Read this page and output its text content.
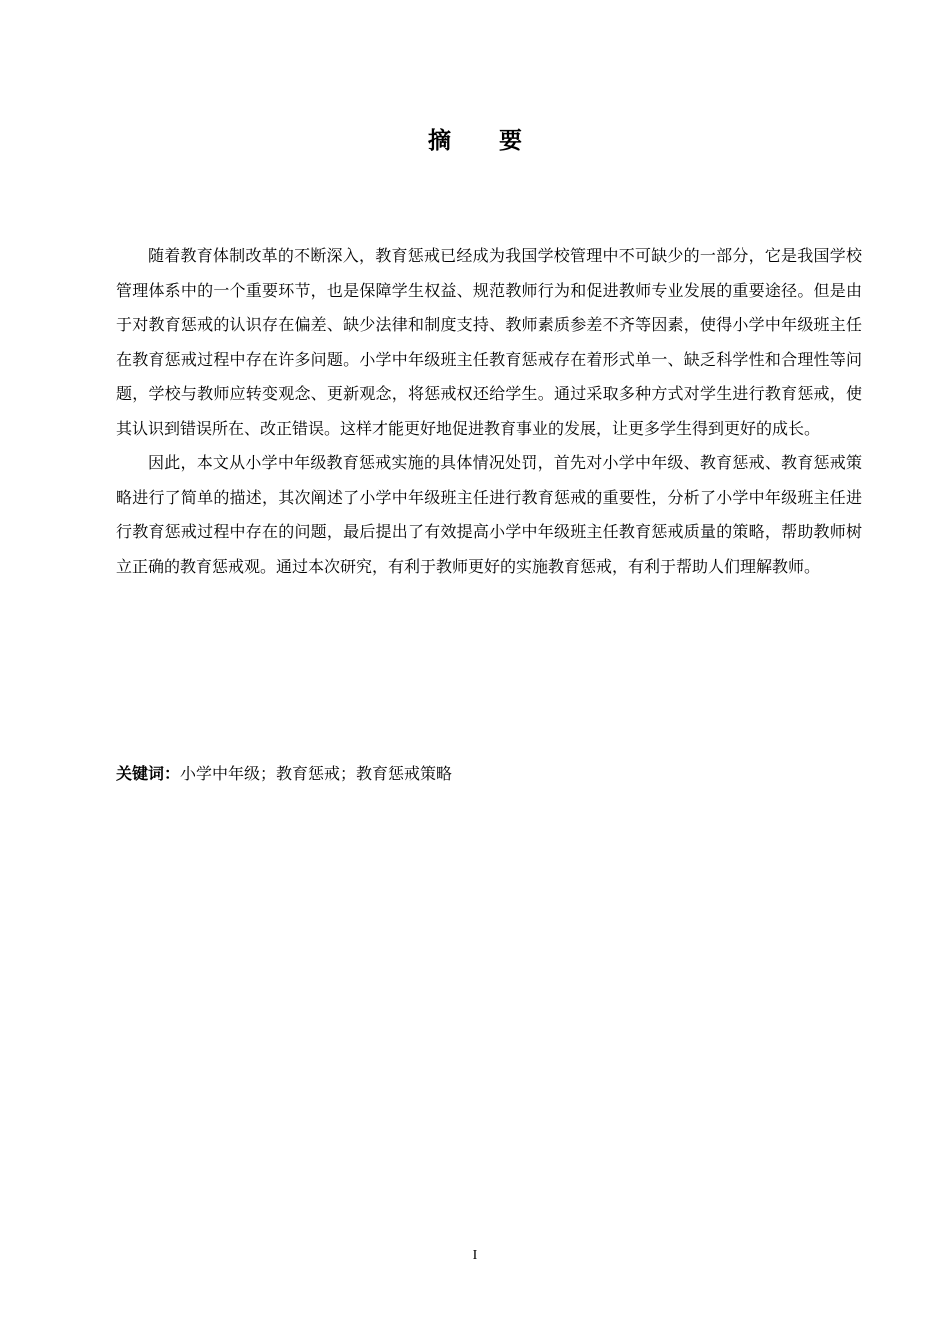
摘 要

随着教育体制改革的不断深入，教育惩戒已经成为我国学校管理中不可缺少的一部分，它是我国学校管理体系中的一个重要环节，也是保障学生权益、规范教师行为和促进教师专业发展的重要途径。但是由于对教育惩戒的认识存在偏差、缺少法律和制度支持、教师素质参差不齐等因素，使得小学中年级班主任在教育惩戒过程中存在许多问题。小学中年级班主任教育惩戒存在着形式单一、缺乏科学性和合理性等问题，学校与教师应转变观念、更新观念，将惩戒权还给学生。通过采取多种方式对学生进行教育惩戒，使其认识到错误所在、改正错误。这样才能更好地促进教育事业的发展，让更多学生得到更好的成长。

因此，本文从小学中年级教育惩戒实施的具体情况处罚，首先对小学中年级、教育惩戒、教育惩戒策略进行了简单的描述，其次阐述了小学中年级班主任进行教育惩戒的重要性，分析了小学中年级班主任进行教育惩戒过程中存在的问题，最后提出了有效提高小学中年级班主任教育惩戒质量的策略，帮助教师树立正确的教育惩戒观。通过本次研究，有利于教师更好的实施教育惩戒，有利于帮助人们理解教师。

关键词：小学中年级；教育惩戒；教育惩戒策略
I
